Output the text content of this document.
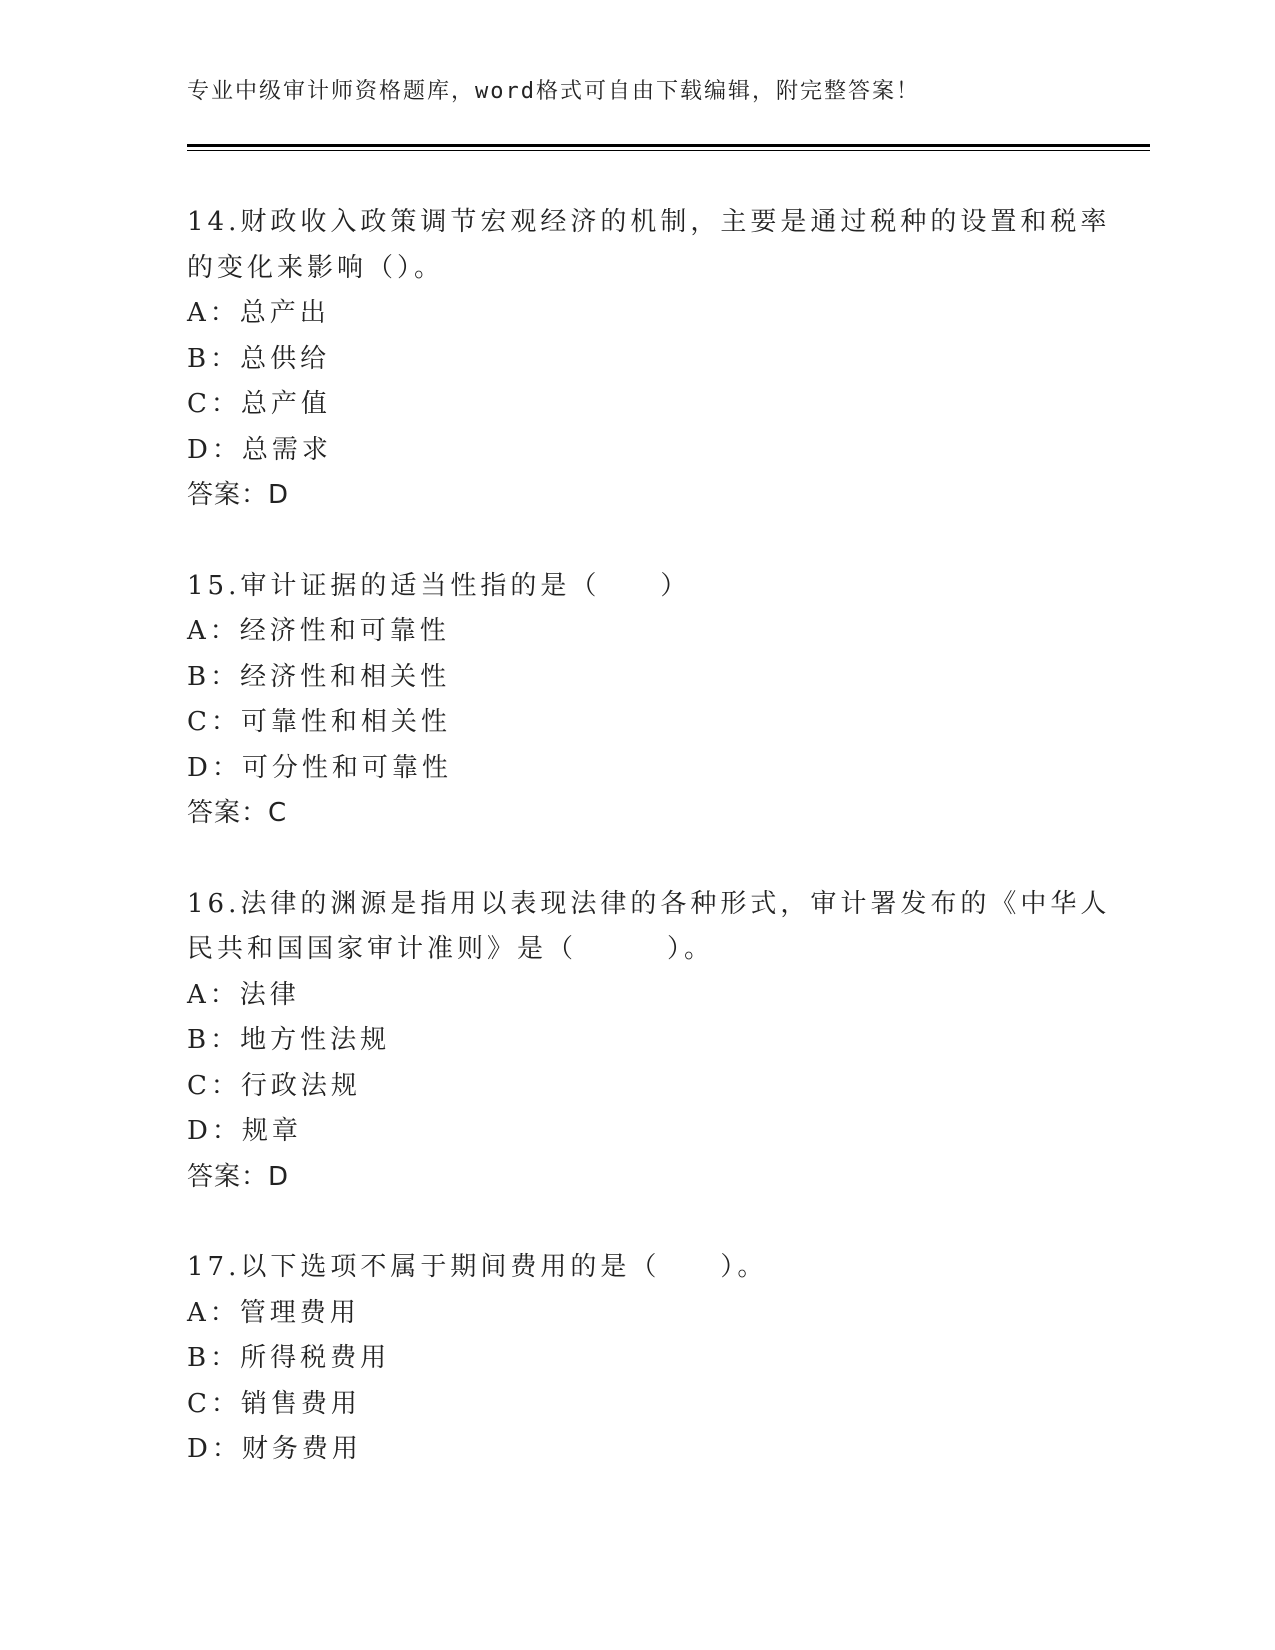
专业中级审计师资格题库，word格式可自由下载编辑，附完整答案！
14.财政收入政策调节宏观经济的机制，主要是通过税种的设置和税率
的变化来影响（）。
A：总产出
B：总供给
C：总产值
D：总需求
答案：D
15.审计证据的适当性指的是（　　）
A：经济性和可靠性
B：经济性和相关性
C：可靠性和相关性
D：可分性和可靠性
答案：C
16.法律的渊源是指用以表现法律的各种形式，审计署发布的《中华人
民共和国国家审计准则》是（　　　）。
A：法律
B：地方性法规
C：行政法规
D：规章
答案：D
17.以下选项不属于期间费用的是（　　）。
A：管理费用
B：所得税费用
C：销售费用
D：财务费用
